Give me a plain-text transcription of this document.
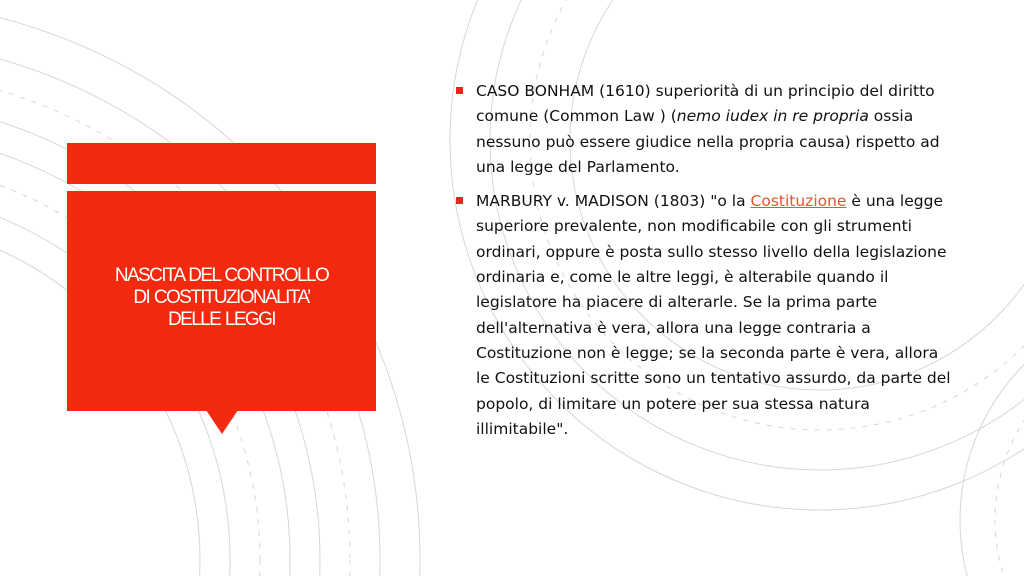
NASCITA DEL CONTROLLO
DI COSTITUZIONALITA’
DELLE LEGGI
CASO BONHAM (1610) superiorità di un principio del diritto comune (Common Law ) (nemo iudex in re propria ossia nessuno può essere giudice nella propria causa) rispetto ad una legge del Parlamento.
MARBURY v. MADISON (1803) "o la Costituzione è una legge superiore prevalente, non modificabile con gli strumenti ordinari, oppure è posta sullo stesso livello della legislazione ordinaria e, come le altre leggi, è alterabile quando il legislatore ha piacere di alterarle. Se la prima parte dell'alternativa è vera, allora una legge contraria a Costituzione non è legge; se la seconda parte è vera, allora le Costituzioni scritte sono un tentativo assurdo, da parte del popolo, di limitare un potere per sua stessa natura illimitabile".
